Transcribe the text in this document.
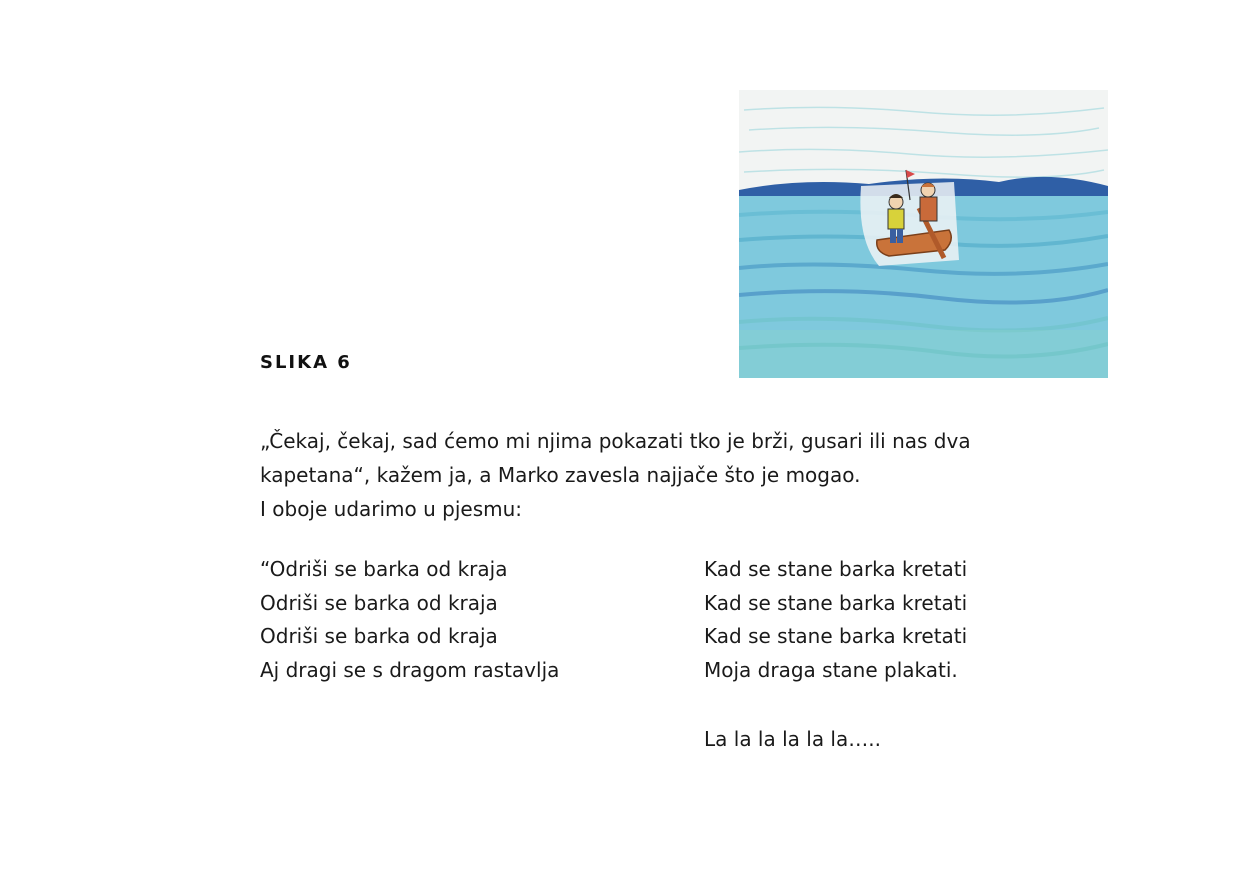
SLIKA 6
„Čekaj, čekaj, sad ćemo mi njima pokazati tko je brži, gusari ili nas dva
kapetana“, kažem ja, a Marko zavesla najjače što je mogao.
I oboje udarimo u pjesmu:
“Odriši se barka od kraja
Odriši se barka od kraja
Odriši se barka od kraja
Aj dragi se s dragom rastavlja
Kad se stane barka kretati
Kad se stane barka kretati
Kad se stane barka kretati
Moja draga stane plakati.
La la la la la la…..
